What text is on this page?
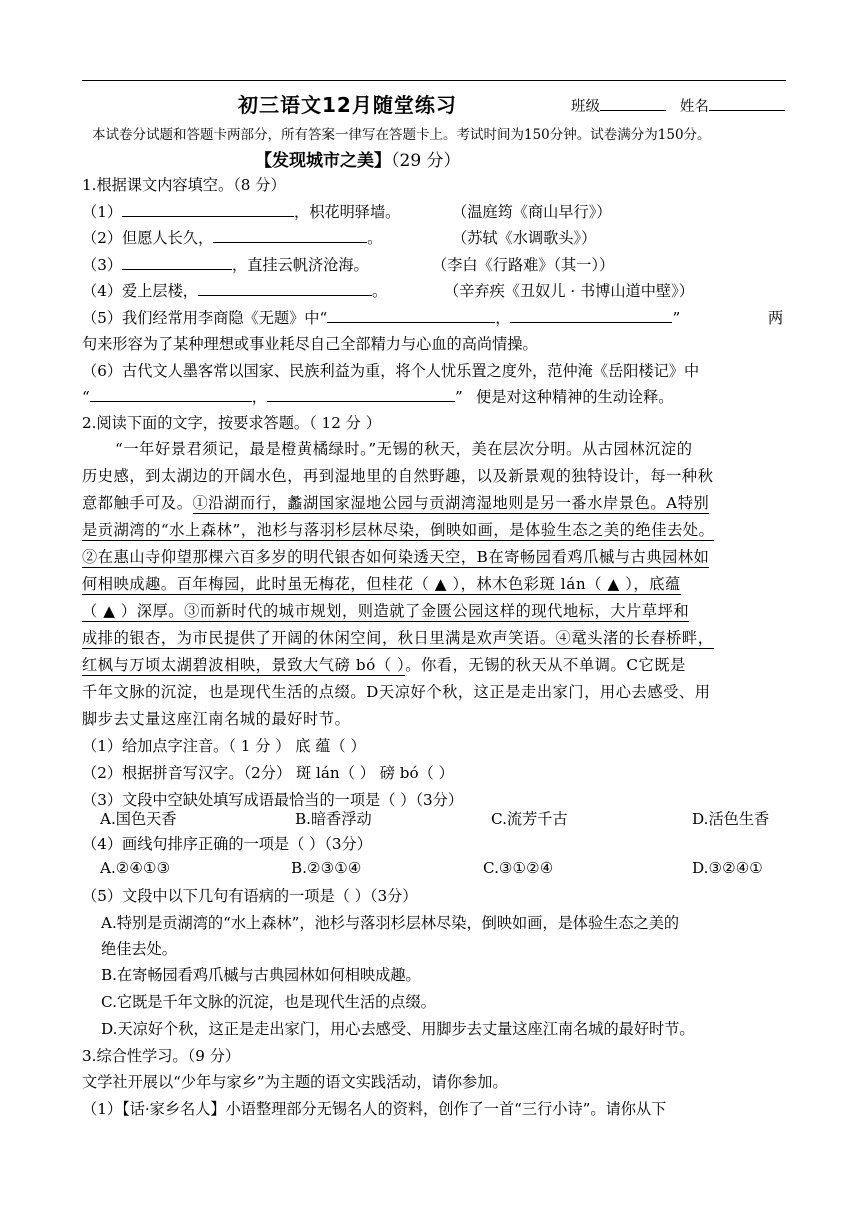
初三语文12月随堂练习	班级	姓名
本试卷分试题和答题卡两部分，所有答案一律写在答题卡上。考试时间为150分钟。试卷满分为150分。
【发现城市之美】（29 分）
1.根据课文内容填空。（8 分）
（1）	，枳花明驿墙。	（温庭筠《商山早行》）
（2）但愿人长久，	。	（苏轼《水调歌头》）
（3）	，直挂云帆济沧海。	（李白《行路难》（其一））
（4）爱上层楼，	。	（辛弃疾《丑奴儿 · 书博山道中壁》）
（5）我们经常用李商隐《无题》中“	，	”	两
句来形容为了某种理想或事业耗尽自己全部精力与心血的高尚情操。
（6）古代文人墨客常以国家、民族利益为重，将个人忧乐置之度外，范仲淹《岳阳楼记》中
“	，	” 便是对这种精神的生动诠释。
2.阅读下面的文字，按要求答题。（ 12 分 ）
“一年好景君须记，最是橙黄橘绿时。”无锡的秋天，美在层次分明。从古园林沉淀的
历史感，到太湖边的开阔水色，再到湿地里的自然野趣，以及新景观的独特设计，每一种秋
意都触手可及。①沿湖而行，蠡湖国家湿地公园与贡湖湾湿地则是另一番水岸景色。A特别
是贡湖湾的“水上森林”，池杉与落羽杉层林尽染，倒映如画，是体验生态之美的绝佳去处。
②在惠山寺仰望那棵六百多岁的明代银杏如何染透天空，B在寄畅园看鸡爪槭与古典园林如
何相映成趣。百年梅园，此时虽无梅花，但桂花（ ▲ ），林木色彩斑 lán（ ▲ ），底蕴
（ ▲ ）深厚。③而新时代的城市规划，则造就了金匮公园这样的现代地标，大片草坪和
成排的银杏，为市民提供了开阔的休闲空间，秋日里满是欢声笑语。④鼋头渚的长春桥畔，
红枫与万顷太湖碧波相映，景致大气磅 bó（ ）。你看，无锡的秋天从不单调。C它既是
千年文脉的沉淀，也是现代生活的点缀。D天凉好个秋，这正是走出家门，用心去感受、用
脚步去丈量这座江南名城的最好时节。
（1）给加点字注音。（ 1 分 ） 底 蕴（ ）
（2）根据拼音写汉字。（2分） 斑 lán（ ） 磅 bó（ ）
（3）文段中空缺处填写成语最恰当的一项是（ ）（3分）
A.国色天香	B.暗香浮动	C.流芳千古	D.活色生香
（4）画线句排序正确的一项是（ ）（3分）
A.②④①③	B.②③①④	C.③①②④	D.③②④①
（5）文段中以下几句有语病的一项是（ ）（3分）
A.特别是贡湖湾的“水上森林”，池杉与落羽杉层林尽染，倒映如画，是体验生态之美的
绝佳去处。
B.在寄畅园看鸡爪槭与古典园林如何相映成趣。
C.它既是千年文脉的沉淀，也是现代生活的点缀。
D.天凉好个秋，这正是走出家门，用心去感受、用脚步去丈量这座江南名城的最好时节。
3.综合性学习。（9 分）
文学社开展以“少年与家乡”为主题的语文实践活动，请你参加。
（1）【话·家乡名人】小语整理部分无锡名人的资料，创作了一首“三行小诗”。请你从下
